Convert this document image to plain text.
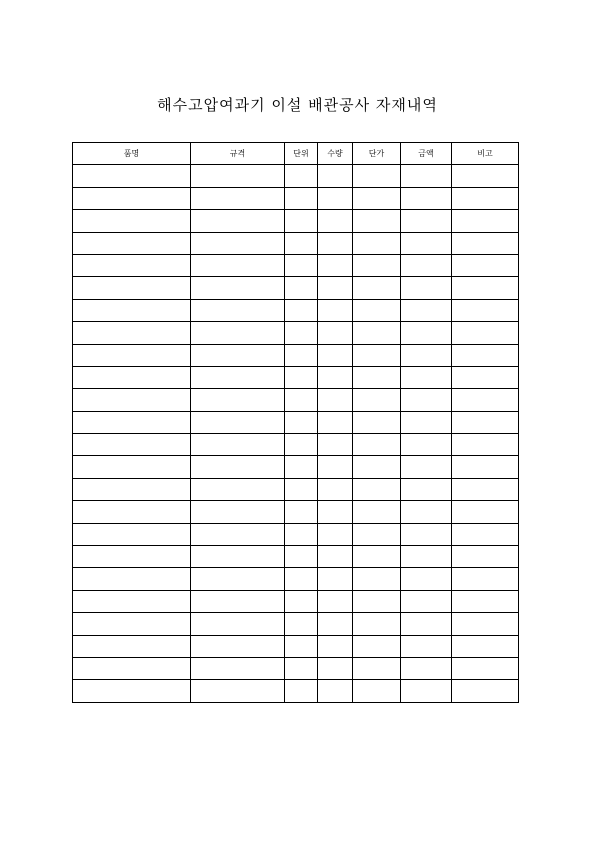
해수고압여과기 이설 배관공사 자재내역
품명	규격	단위	수량	단가	금액	비고
